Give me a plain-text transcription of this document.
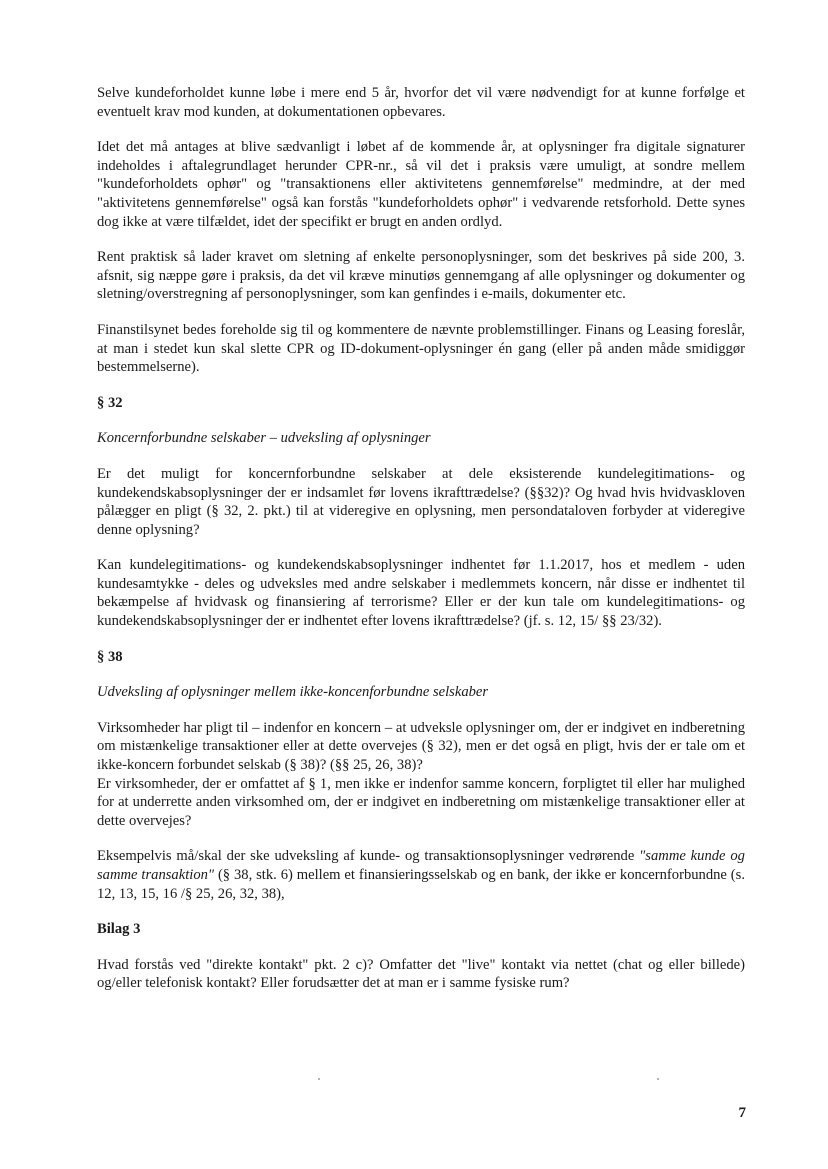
Selve kundeforholdet kunne løbe i mere end 5 år, hvorfor det vil være nødvendigt for at kunne forfølge et eventuelt krav mod kunden, at dokumentationen opbevares.

Idet det må antages at blive sædvanligt i løbet af de kommende år, at oplysninger fra digitale signaturer indeholdes i aftalegrundlaget herunder CPR-nr., så vil det i praksis være umuligt, at sondre mellem "kundeforholdets ophør" og "transaktionens eller aktivitetens gennemførelse" medmindre, at der med "aktivitetens gennemførelse" også kan forstås "kundeforholdets ophør" i vedvarende retsforhold. Dette synes dog ikke at være tilfældet, idet der specifikt er brugt en anden ordlyd.

Rent praktisk så lader kravet om sletning af enkelte personoplysninger, som det beskrives på side 200, 3. afsnit, sig næppe gøre i praksis, da det vil kræve minutiøs gennemgang af alle oplysninger og dokumenter og sletning/overstregning af personoplysninger, som kan genfindes i e-mails, dokumenter etc.

Finanstilsynet bedes foreholde sig til og kommentere de nævnte problemstillinger. Finans og Leasing foreslår, at man i stedet kun skal slette CPR og ID-dokument-oplysninger én gang (eller på anden måde smidiggør bestemmelserne).

§ 32
Koncernforbundne selskaber – udveksling af oplysninger

Er det muligt for koncernforbundne selskaber at dele eksisterende kundelegitimations- og kundekendskabsoplysninger der er indsamlet før lovens ikrafttrædelse? (§§32)? Og hvad hvis hvidvaskloven pålægger en pligt (§ 32, 2. pkt.) til at videregive en oplysning, men persondataloven forbyder at videregive denne oplysning?

Kan kundelegitimations- og kundekendskabsoplysninger indhentet før 1.1.2017, hos et medlem - uden kundesamtykke - deles og udveksles med andre selskaber i medlemmets koncern, når disse er indhentet til bekæmpelse af hvidvask og finansiering af terrorisme? Eller er der kun tale om kundelegitimations- og kundekendskabsoplysninger der er indhentet efter lovens ikrafttrædelse? (jf. s. 12, 15/ §§ 23/32).

§ 38
Udveksling af oplysninger mellem ikke-koncenforbundne selskaber

Virksomheder har pligt til – indenfor en koncern – at udveksle oplysninger om, der er indgivet en indberetning om mistænkelige transaktioner eller at dette overvejes (§ 32), men er det også en pligt, hvis der er tale om et ikke-koncern forbundet selskab (§ 38)? (§§ 25, 26, 38)?

Er virksomheder, der er omfattet af § 1, men ikke er indenfor samme koncern, forpligtet til eller har mulighed for at underrette anden virksomhed om, der er indgivet en indberetning om mistænkelige transaktioner eller at dette overvejes?

Eksempelvis må/skal der ske udveksling af kunde- og transaktionsoplysninger vedrørende "samme kunde og samme transaktion" (§ 38, stk. 6) mellem et finansieringsselskab og en bank, der ikke er koncernforbundne (s. 12, 13, 15, 16 /§ 25, 26, 32, 38),

Bilag 3

Hvad forstås ved "direkte kontakt" pkt. 2 c)? Omfatter det "live" kontakt via nettet (chat og eller billede) og/eller telefonisk kontakt? Eller forudsætter det at man er i samme fysiske rum?

7
